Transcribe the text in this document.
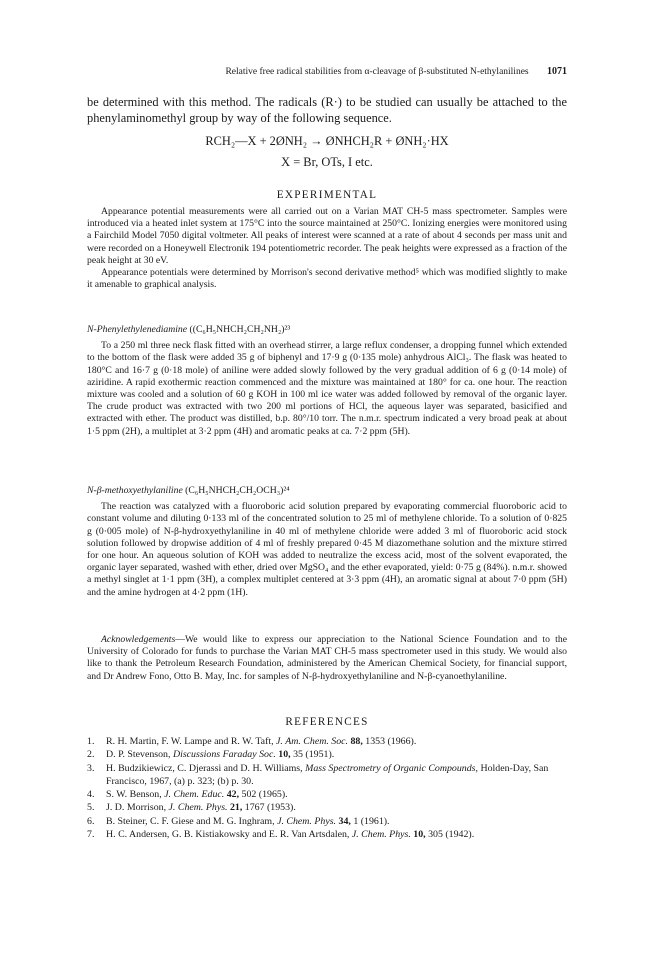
Relative free radical stabilities from α-cleavage of β-substituted N-ethylanilines 1071

be determined with this method. The radicals (R·) to be studied can usually be attached to the phenylaminomethyl group by way of the following sequence.

RCH₂—X + 2ØNH₂ → ØNHCH₂R + ØNH₂·HX

X = Br, OTs, I etc.

EXPERIMENTAL

Appearance potential measurements were all carried out on a Varian MAT CH-5 mass spectrometer. Samples were introduced via a heated inlet system at 175°C into the source maintained at 250°C. Ionizing energies were monitored using a Fairchild Model 7050 digital voltmeter. All peaks of interest were scanned at a rate of about 4 seconds per mass unit and were recorded on a Honeywell Electronik 194 potentiometric recorder. The peak heights were expressed as a fraction of the peak height at 30 eV.

Appearance potentials were determined by Morrison's second derivative method⁵ which was modified slightly to make it amenable to graphical analysis.

N-Phenylethylenediamine ((C₆H₅NHCH₂CH₂NH₂)²³

To a 250 ml three neck flask fitted with an overhead stirrer, a large reflux condenser, a dropping funnel which extended to the bottom of the flask were added 35 g of biphenyl and 17·9 g (0·135 mole) anhydrous AlCl₃. The flask was heated to 180°C and 16·7 g (0·18 mole) of aniline were added slowly followed by the very gradual addition of 6 g (0·14 mole) of aziridine. A rapid exothermic reaction commenced and the mixture was maintained at 180° for ca. one hour. The reaction mixture was cooled and a solution of 60 g KOH in 100 ml ice water was added followed by removal of the organic layer. The crude product was extracted with two 200 ml portions of HCl, the aqueous layer was separated, basicified and extracted with ether. The product was distilled, b.p. 80°/10 torr. The n.m.r. spectrum indicated a very broad peak at about 1·5 ppm (2H), a multiplet at 3·2 ppm (4H) and aromatic peaks at ca. 7·2 ppm (5H).

N-β-methoxyethylaniline (C₆H₅NHCH₂CH₂OCH₃)²⁴

The reaction was catalyzed with a fluoroboric acid solution prepared by evaporating commercial fluoroboric acid to constant volume and diluting 0·133 ml of the concentrated solution to 25 ml of methylene chloride. To a solution of 0·825 g (0·005 mole) of N-β-hydroxyethylaniline in 40 ml of methylene chloride were added 3 ml of fluoroboric acid stock solution followed by dropwise addition of 4 ml of freshly prepared 0·45 M diazomethane solution and the mixture stirred for one hour. An aqueous solution of KOH was added to neutralize the excess acid, most of the solvent evaporated, the organic layer separated, washed with ether, dried over MgSO₄ and the ether evaporated, yield: 0·75 g (84%). n.m.r. showed a methyl singlet at 1·1 ppm (3H), a complex multiplet centered at 3·3 ppm (4H), an aromatic signal at about 7·0 ppm (5H) and the amine hydrogen at 4·2 ppm (1H).

Acknowledgements—We would like to express our appreciation to the National Science Foundation and to the University of Colorado for funds to purchase the Varian MAT CH-5 mass spectrometer used in this study. We would also like to thank the Petroleum Research Foundation, administered by the American Chemical Society, for financial support, and Dr Andrew Fono, Otto B. May, Inc. for samples of N-β-hydroxyethylaniline and N-β-cyanoethylaniline.

REFERENCES

1. R. H. Martin, F. W. Lampe and R. W. Taft, J. Am. Chem. Soc. 88, 1353 (1966).
2. D. P. Stevenson, Discussions Faraday Soc. 10, 35 (1951).
3. H. Budzikiewicz, C. Djerassi and D. H. Williams, Mass Spectrometry of Organic Compounds, Holden-Day, San Francisco, 1967, (a) p. 323; (b) p. 30.
4. S. W. Benson, J. Chem. Educ. 42, 502 (1965).
5. J. D. Morrison, J. Chem. Phys. 21, 1767 (1953).
6. B. Steiner, C. F. Giese and M. G. Inghram, J. Chem. Phys. 34, 1 (1961).
7. H. C. Andersen, G. B. Kistiakowsky and E. R. Van Artsdalen, J. Chem. Phys. 10, 305 (1942).
